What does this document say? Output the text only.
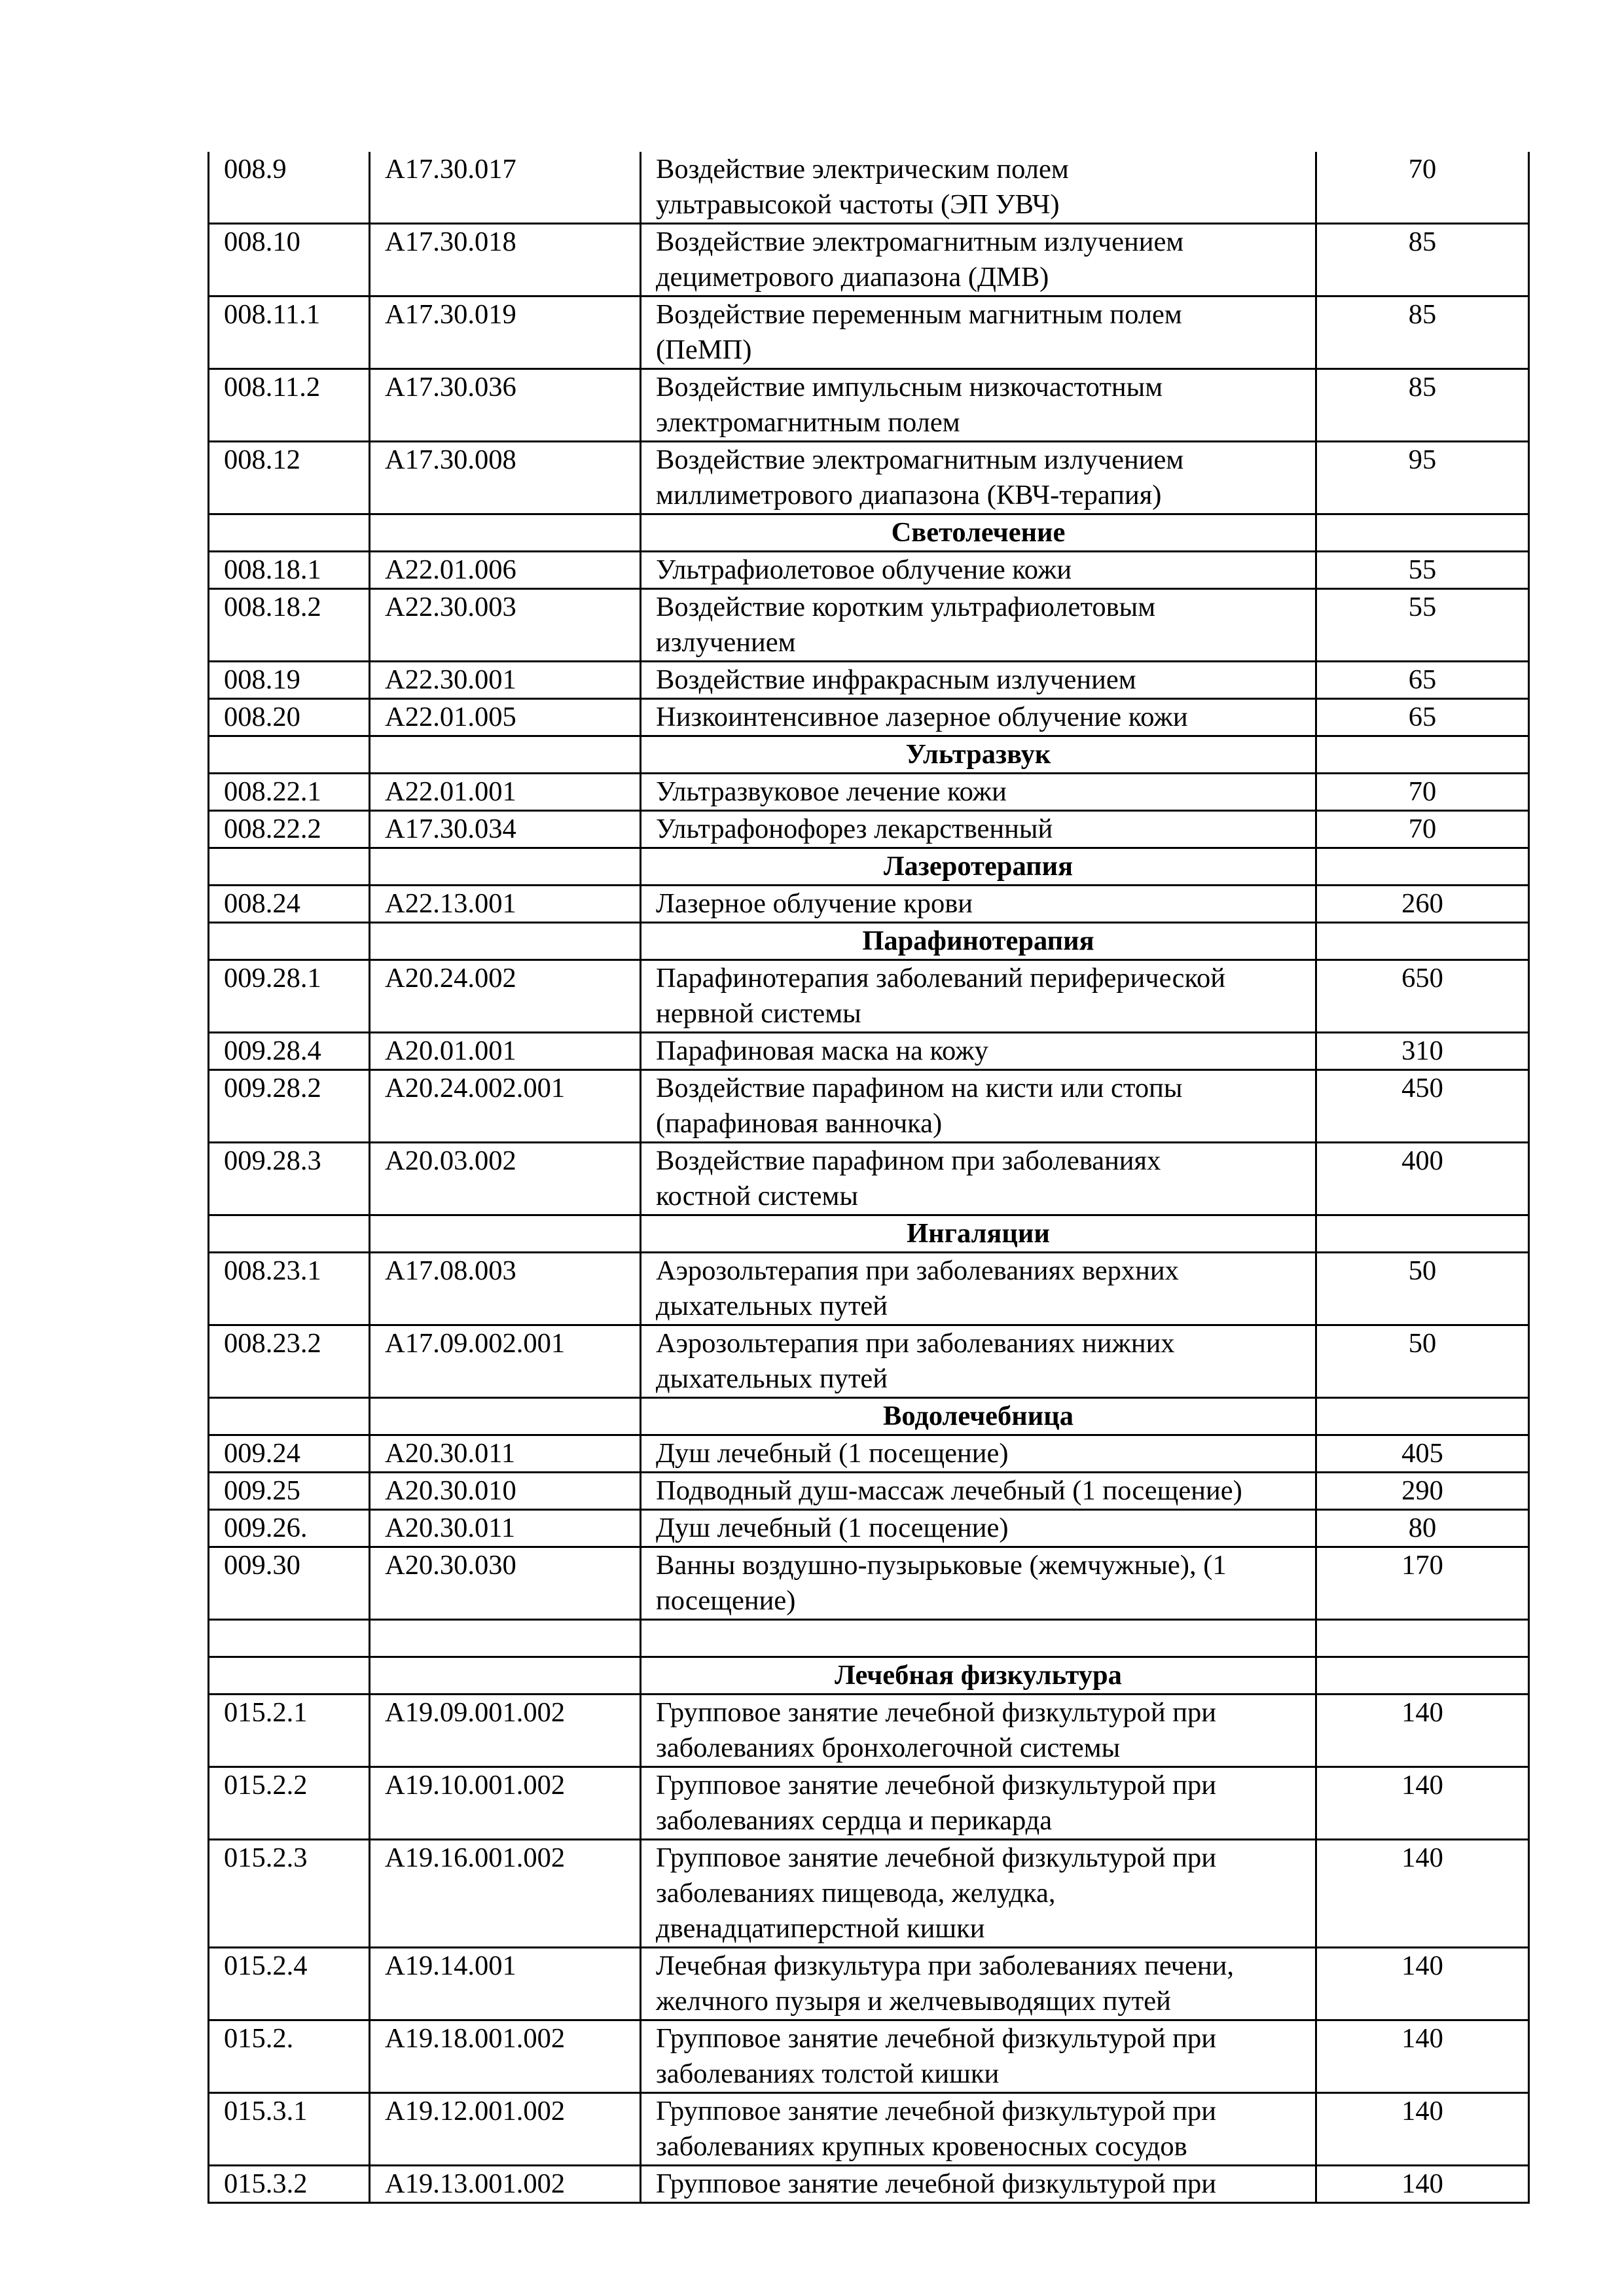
008.9	А17.30.017	Воздействие электрическим полем
ультравысокой частоты (ЭП УВЧ)	70
008.10	А17.30.018	Воздействие электромагнитным излучением
дециметрового диапазона (ДМВ)	85
008.11.1	А17.30.019	Воздействие переменным магнитным полем
(ПеМП)	85
008.11.2	А17.30.036	Воздействие импульсным низкочастотным
электромагнитным полем	85
008.12	А17.30.008	Воздействие электромагнитным излучением
миллиметрового диапазона (КВЧ-терапия)	95
		Светолечение	
008.18.1	А22.01.006	Ультрафиолетовое облучение кожи	55
008.18.2	А22.30.003	Воздействие коротким ультрафиолетовым
излучением	55
008.19	А22.30.001	Воздействие инфракрасным излучением	65
008.20	А22.01.005	Низкоинтенсивное лазерное облучение кожи	65
		Ультразвук	
008.22.1	А22.01.001	Ультразвуковое лечение кожи	70
008.22.2	А17.30.034	Ультрафонофорез лекарственный	70
		Лазеротерапия	
008.24	А22.13.001	Лазерное облучение крови	260
		Парафинотерапия	
009.28.1	А20.24.002	Парафинотерапия заболеваний периферической
нервной системы	650
009.28.4	А20.01.001	Парафиновая маска на кожу	310
009.28.2	А20.24.002.001	Воздействие парафином на кисти или стопы
(парафиновая ванночка)	450
009.28.3	А20.03.002	Воздействие парафином при заболеваниях
костной системы	400
		Ингаляции	
008.23.1	А17.08.003	Аэрозольтерапия при заболеваниях верхних
дыхательных путей	50
008.23.2	А17.09.002.001	Аэрозольтерапия при заболеваниях нижних
дыхательных путей	50
		Водолечебница	
009.24	А20.30.011	Душ лечебный (1 посещение)	405
009.25	А20.30.010	Подводный душ-массаж лечебный (1 посещение)	290
009.26.	А20.30.011	Душ лечебный (1 посещение)	80
009.30	А20.30.030	Ванны воздушно-пузырьковые (жемчужные), (1
посещение)	170

		Лечебная физкультура	
015.2.1	А19.09.001.002	Групповое занятие лечебной физкультурой при
заболеваниях бронхолегочной системы	140
015.2.2	А19.10.001.002	Групповое занятие лечебной физкультурой при
заболеваниях сердца и перикарда	140
015.2.3	А19.16.001.002	Групповое занятие лечебной физкультурой при
заболеваниях пищевода, желудка,
двенадцатиперстной кишки	140
015.2.4	А19.14.001	Лечебная физкультура при заболеваниях печени,
желчного пузыря и желчевыводящих путей	140
015.2.	А19.18.001.002	Групповое занятие лечебной физкультурой при
заболеваниях толстой кишки	140
015.3.1	А19.12.001.002	Групповое занятие лечебной физкультурой при
заболеваниях крупных кровеносных сосудов	140
015.3.2	А19.13.001.002	Групповое занятие лечебной физкультурой при	140
